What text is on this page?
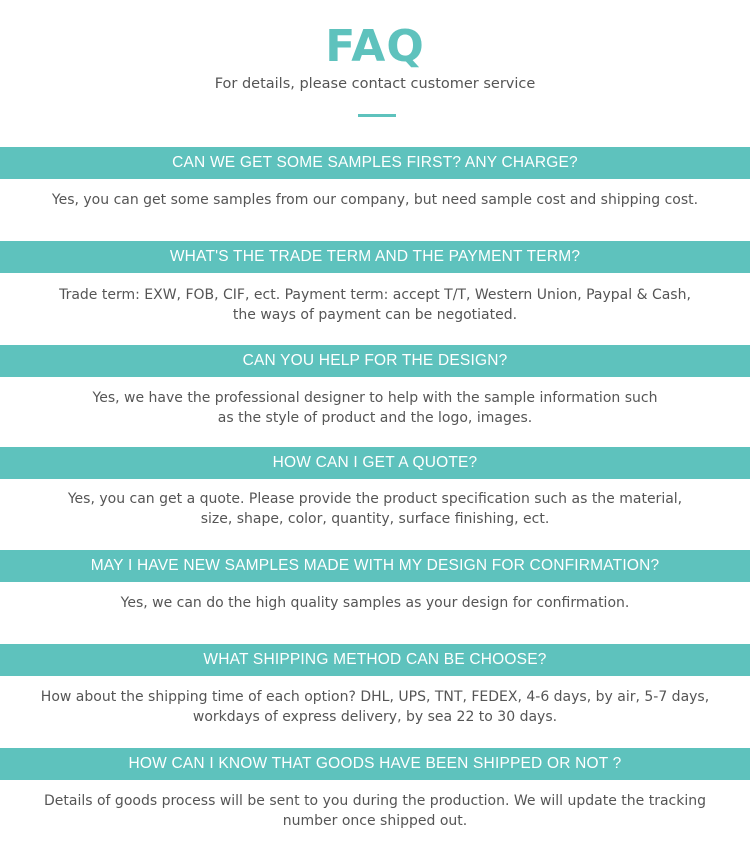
FAQ
For details, please contact customer service
CAN WE GET SOME SAMPLES FIRST? ANY CHARGE?
Yes, you can get some samples from our company, but need sample cost and shipping cost.
WHAT'S THE TRADE TERM AND THE PAYMENT TERM?
Trade term: EXW, FOB, CIF, ect. Payment term: accept T/T, Western Union, Paypal & Cash,
the ways of payment can be negotiated.
CAN YOU HELP FOR THE DESIGN?
Yes, we have the professional designer to help with the sample information such
as the style of product and the logo, images.
HOW CAN I GET A QUOTE?
Yes, you can get a quote. Please provide the product specification such as the material,
size, shape, color, quantity, surface finishing, ect.
MAY I HAVE NEW SAMPLES MADE WITH MY DESIGN FOR CONFIRMATION?
Yes, we can do the high quality samples as your design for confirmation.
WHAT SHIPPING METHOD CAN BE CHOOSE?
How about the shipping time of each option? DHL, UPS, TNT, FEDEX, 4-6 days, by air, 5-7 days,
workdays of express delivery, by sea 22 to 30 days.
HOW CAN I KNOW THAT GOODS HAVE BEEN SHIPPED OR NOT ?
Details of goods process will be sent to you during the production. We will update the tracking
number once shipped out.
